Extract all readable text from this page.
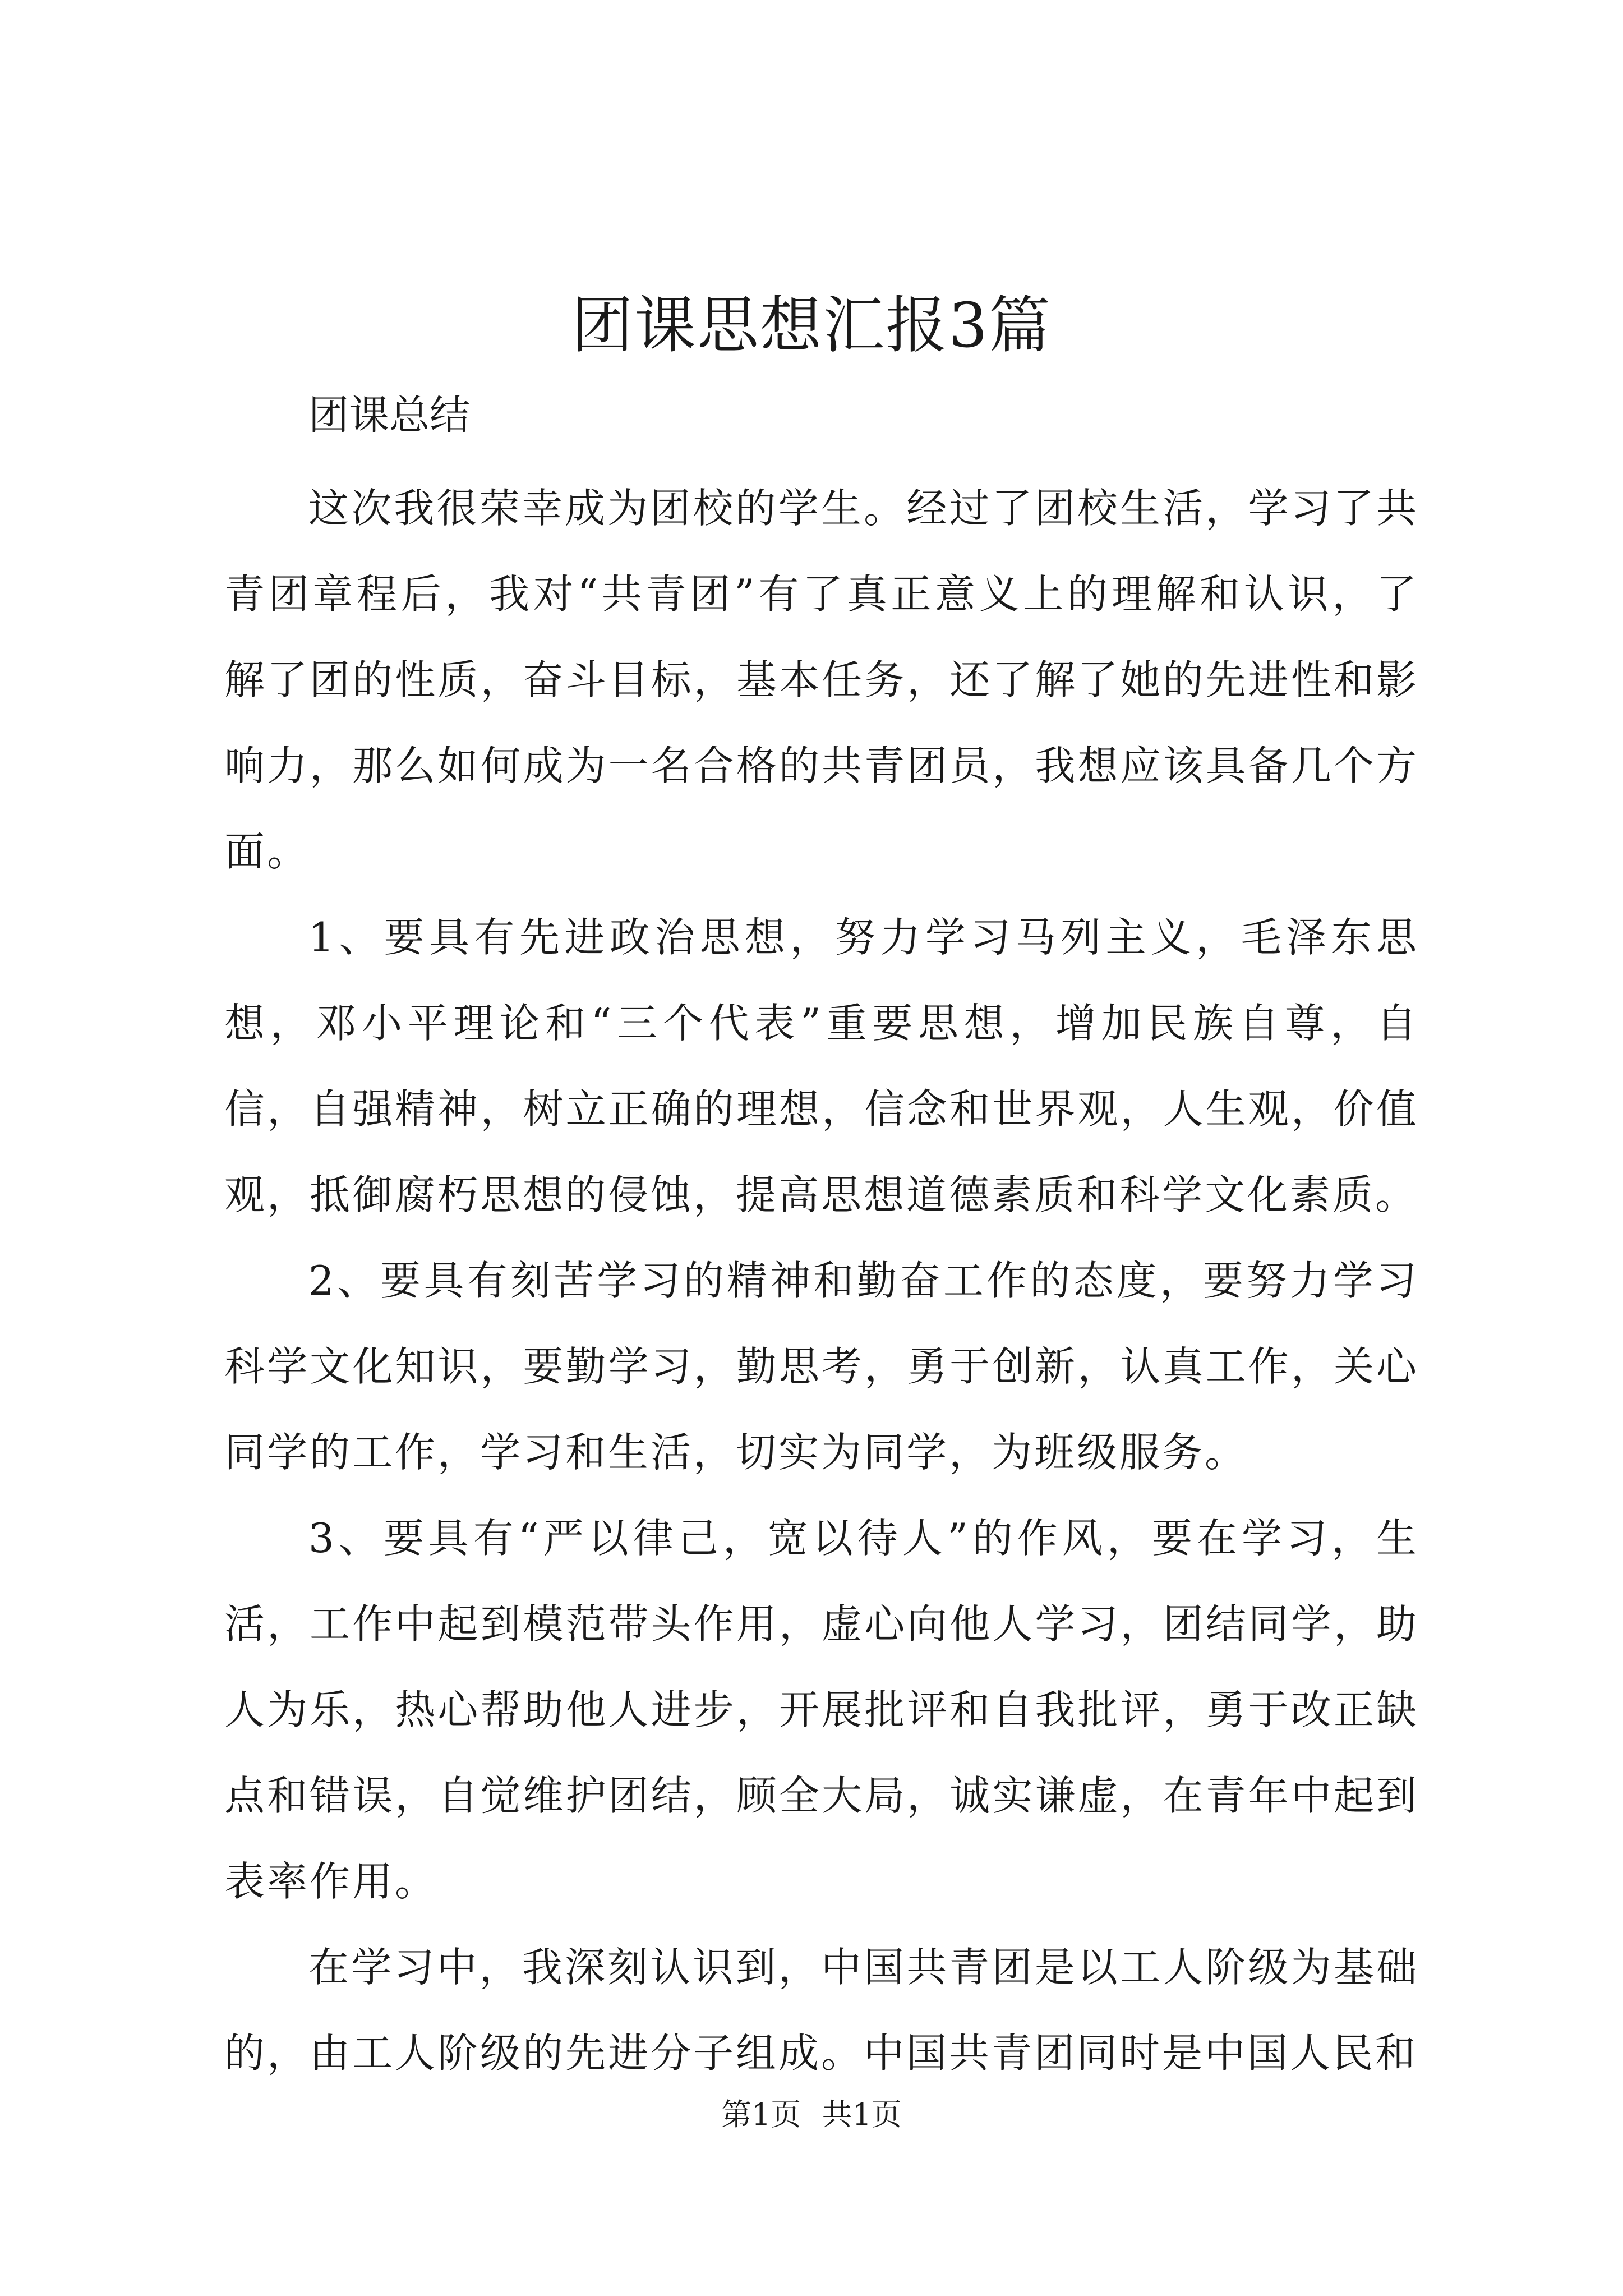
团课思想汇报3篇

团课总结

这次我很荣幸成为团校的学生。经过了团校生活，学习了共青团章程后，我对“共青团”有了真正意义上的理解和认识，了解了团的性质，奋斗目标，基本任务，还了解了她的先进性和影响力，那么如何成为一名合格的共青团员，我想应该具备几个方面。

1、要具有先进政治思想，努力学习马列主义，毛泽东思想，邓小平理论和“三个代表”重要思想，增加民族自尊，自信，自强精神，树立正确的理想，信念和世界观，人生观，价值观，抵御腐朽思想的侵蚀，提高思想道德素质和科学文化素质。

2、要具有刻苦学习的精神和勤奋工作的态度，要努力学习科学文化知识，要勤学习，勤思考，勇于创新，认真工作，关心同学的工作，学习和生活，切实为同学，为班级服务。

3、要具有“严以律己，宽以待人”的作风，要在学习，生活，工作中起到模范带头作用，虚心向他人学习，团结同学，助人为乐，热心帮助他人进步，开展批评和自我批评，勇于改正缺点和错误，自觉维护团结，顾全大局，诚实谦虚，在青年中起到表率作用。

在学习中，我深刻认识到，中国共青团是以工人阶级为基础的，由工人阶级的先进分子组成。中国共青团同时是中国人民和

第1页 共1页
